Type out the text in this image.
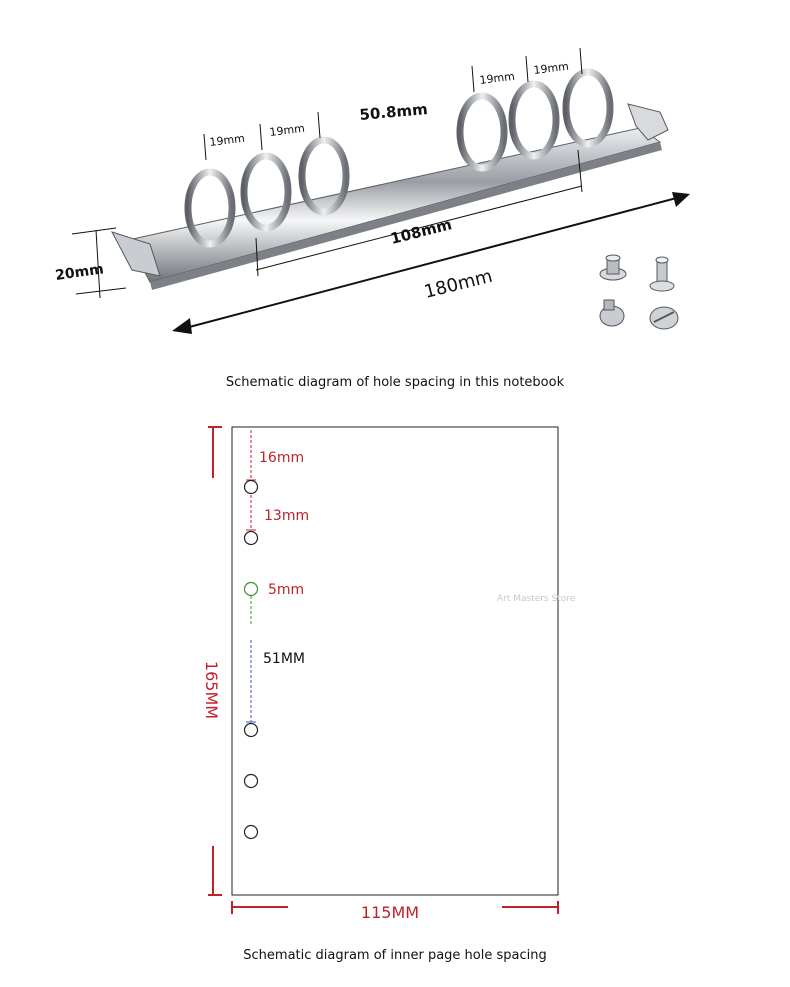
19mm
19mm
19mm
19mm
50.8mm
108mm
180mm
20mm
165MM
115MM
16mm
13mm
5mm
51MM
Art Masters Store
Schematic diagram of hole spacing in this notebook
Schematic diagram of inner page hole spacing
